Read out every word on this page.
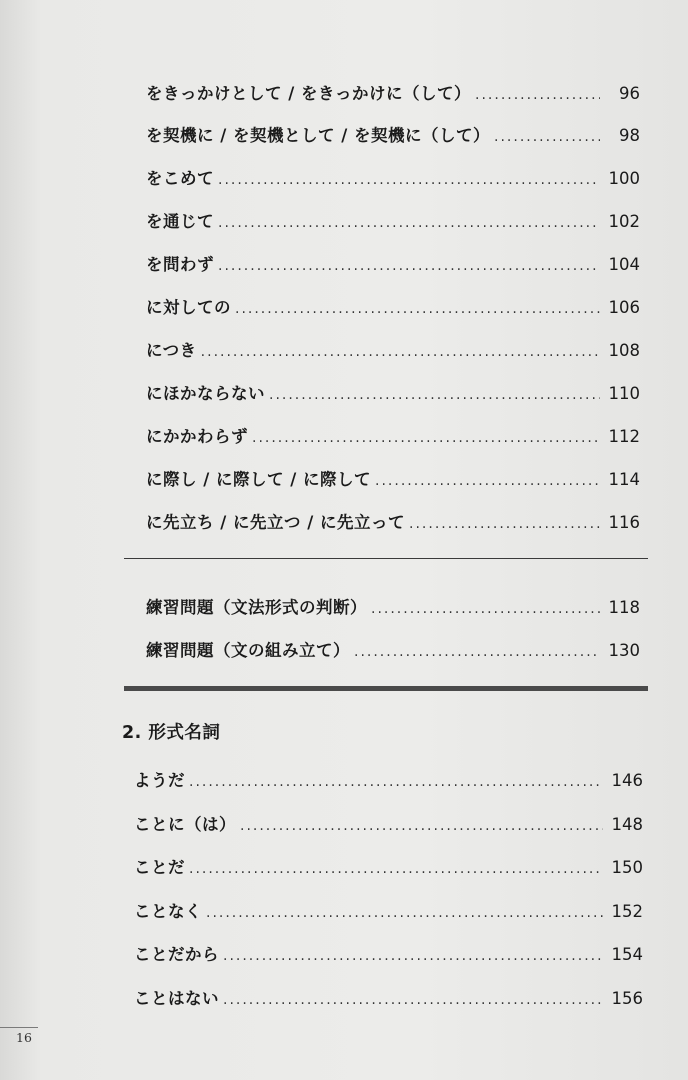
をきっかけとして / をきっかけに（して） .....	96
を契機に / を契機として / を契機に（して） .....	98
をこめて .....	100
を通じて .....	102
を問わず .....	104
に対しての .....	106
につき .....	108
にほかならない .....	110
にかかわらず .....	112
に際し / に際して / に際して .....	114
に先立ち / に先立つ / に先立って .....	116
練習問題（文法形式の判断） .....	118
練習問題（文の組み立て） .....	130
2. 形式名詞
ようだ .....	146
ことに（は） .....	148
ことだ .....	150
ことなく .....	152
ことだから .....	154
ことはない .....	156
16
